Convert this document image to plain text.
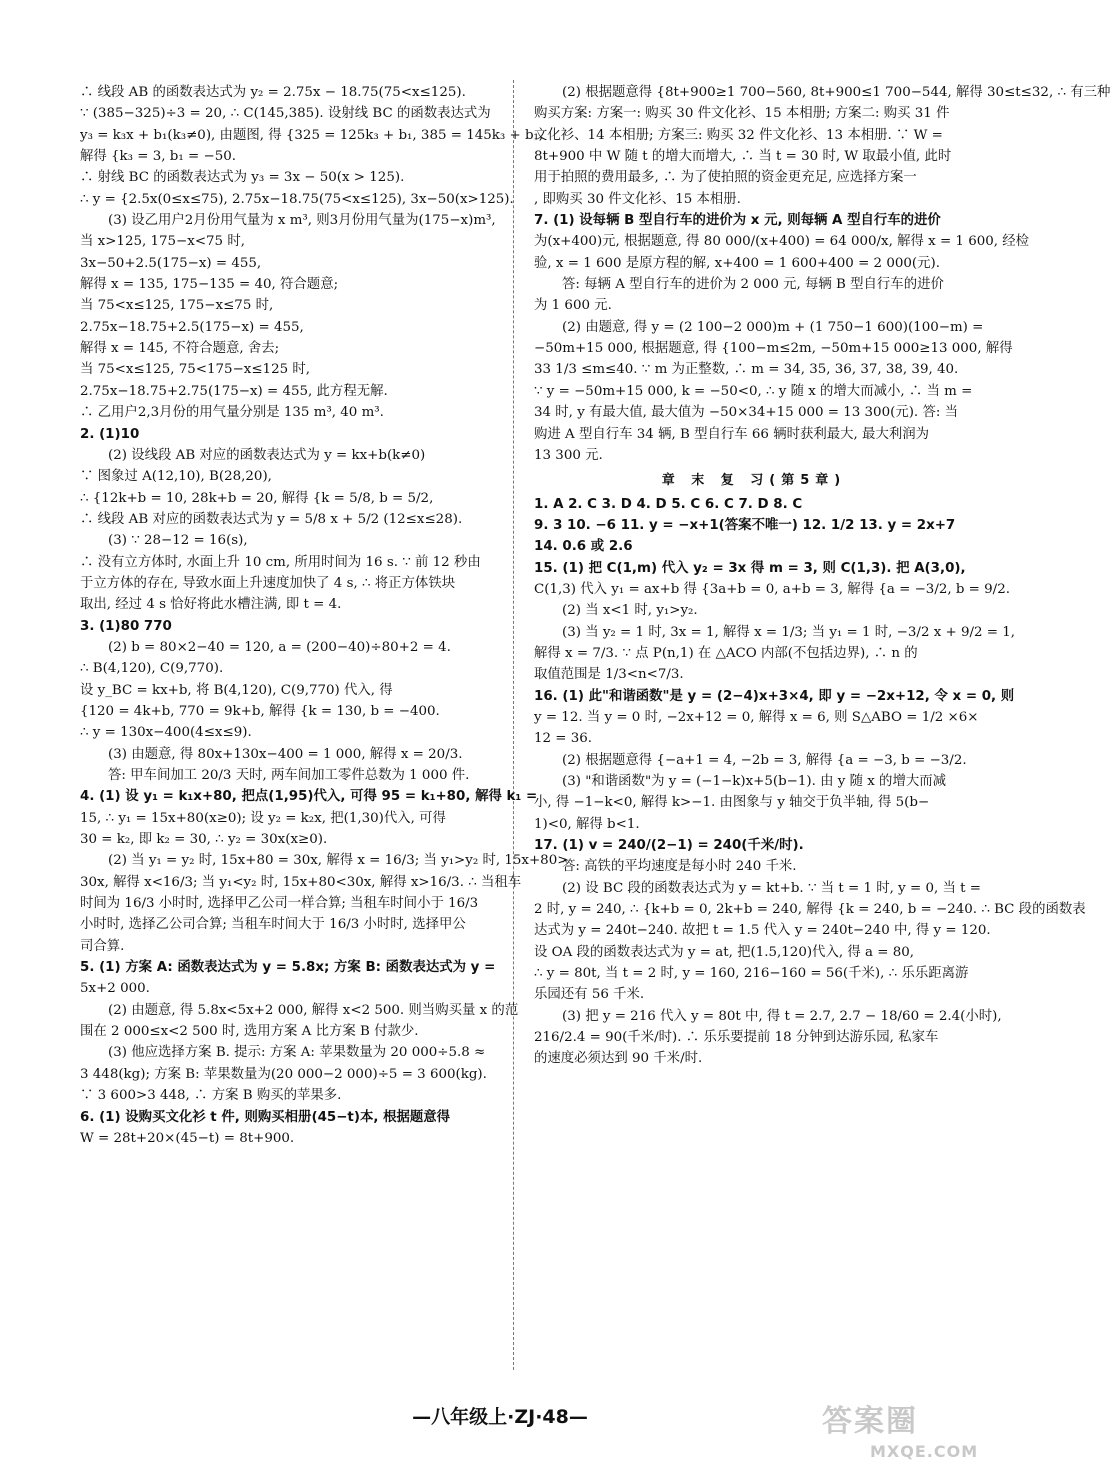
∴ 线段 AB 的函数表达式为 y₂ = 2.75x − 18.75(75<x≤125).
∵ (385−325)÷3 = 20, ∴ C(145,385). 设射线 BC 的函数表达式为
y₃ = k₃x + b₁(k₃≠0), 由题图, 得 {325 = 125k₃ + b₁, 385 = 145k₃ + b₁,
解得 {k₃ = 3, b₁ = −50.
∴ 射线 BC 的函数表达式为 y₃ = 3x − 50(x > 125).
∴ y = {2.5x(0≤x≤75), 2.75x−18.75(75<x≤125), 3x−50(x>125).
(3) 设乙用户2月份用气量为 x m³, 则3月份用气量为(175−x)m³,
当 x>125, 175−x<75 时,
3x−50+2.5(175−x) = 455,
解得 x = 135, 175−135 = 40, 符合题意;
当 75<x≤125, 175−x≤75 时,
2.75x−18.75+2.5(175−x) = 455,
解得 x = 145, 不符合题意, 舍去;
当 75<x≤125, 75<175−x≤125 时,
2.75x−18.75+2.75(175−x) = 455, 此方程无解.
∴ 乙用户2,3月份的用气量分别是 135 m³, 40 m³.
2. (1)10
(2) 设线段 AB 对应的函数表达式为 y = kx+b(k≠0)
∵ 图象过 A(12,10), B(28,20),
∴ {12k+b = 10, 28k+b = 20, 解得 {k = 5/8, b = 5/2,
∴ 线段 AB 对应的函数表达式为 y = 5/8 x + 5/2 (12≤x≤28).
(3) ∵ 28−12 = 16(s),
∴ 没有立方体时, 水面上升 10 cm, 所用时间为 16 s. ∵ 前 12 秒由
于立方体的存在, 导致水面上升速度加快了 4 s, ∴ 将正方体铁块
取出, 经过 4 s 恰好将此水槽注满, 即 t = 4.
3. (1)80 770
(2) b = 80×2−40 = 120, a = (200−40)÷80+2 = 4.
∴ B(4,120), C(9,770).
设 y_BC = kx+b, 将 B(4,120), C(9,770) 代入, 得
{120 = 4k+b, 770 = 9k+b, 解得 {k = 130, b = −400.
∴ y = 130x−400(4≤x≤9).
(3) 由题意, 得 80x+130x−400 = 1 000, 解得 x = 20/3.
答: 甲车间加工 20/3 天时, 两车间加工零件总数为 1 000 件.
4. (1) 设 y₁ = k₁x+80, 把点(1,95)代入, 可得 95 = k₁+80, 解得 k₁ =
15, ∴ y₁ = 15x+80(x≥0); 设 y₂ = k₂x, 把(1,30)代入, 可得
30 = k₂, 即 k₂ = 30, ∴ y₂ = 30x(x≥0).
(2) 当 y₁ = y₂ 时, 15x+80 = 30x, 解得 x = 16/3; 当 y₁>y₂ 时, 15x+80>
30x, 解得 x<16/3; 当 y₁<y₂ 时, 15x+80<30x, 解得 x>16/3. ∴ 当租车
时间为 16/3 小时时, 选择甲乙公司一样合算; 当租车时间小于 16/3
小时时, 选择乙公司合算; 当租车时间大于 16/3 小时时, 选择甲公
司合算.
5. (1) 方案 A: 函数表达式为 y = 5.8x; 方案 B: 函数表达式为 y =
5x+2 000.
(2) 由题意, 得 5.8x<5x+2 000, 解得 x<2 500. 则当购买量 x 的范
围在 2 000≤x<2 500 时, 选用方案 A 比方案 B 付款少.
(3) 他应选择方案 B. 提示: 方案 A: 苹果数量为 20 000÷5.8 ≈
3 448(kg); 方案 B: 苹果数量为(20 000−2 000)÷5 = 3 600(kg).
∵ 3 600>3 448, ∴ 方案 B 购买的苹果多.
6. (1) 设购买文化衫 t 件, 则购买相册(45−t)本, 根据题意得
W = 28t+20×(45−t) = 8t+900.
(2) 根据题意得 {8t+900≥1 700−560, 8t+900≤1 700−544, 解得 30≤t≤32, ∴ 有三种
购买方案: 方案一: 购买 30 件文化衫、15 本相册; 方案二: 购买 31 件
文化衫、14 本相册; 方案三: 购买 32 件文化衫、13 本相册. ∵ W =
8t+900 中 W 随 t 的增大而增大, ∴ 当 t = 30 时, W 取最小值, 此时
用于拍照的费用最多, ∴ 为了使拍照的资金更充足, 应选择方案一
, 即购买 30 件文化衫、15 本相册.
7. (1) 设每辆 B 型自行车的进价为 x 元, 则每辆 A 型自行车的进价
为(x+400)元, 根据题意, 得 80 000/(x+400) = 64 000/x, 解得 x = 1 600, 经检
验, x = 1 600 是原方程的解, x+400 = 1 600+400 = 2 000(元).
答: 每辆 A 型自行车的进价为 2 000 元, 每辆 B 型自行车的进价
为 1 600 元.
(2) 由题意, 得 y = (2 100−2 000)m + (1 750−1 600)(100−m) =
−50m+15 000, 根据题意, 得 {100−m≤2m, −50m+15 000≥13 000, 解得
33 1/3 ≤m≤40. ∵ m 为正整数, ∴ m = 34, 35, 36, 37, 38, 39, 40.
∵ y = −50m+15 000, k = −50<0, ∴ y 随 x 的增大而减小, ∴ 当 m =
34 时, y 有最大值, 最大值为 −50×34+15 000 = 13 300(元). 答: 当
购进 A 型自行车 34 辆, B 型自行车 66 辆时获利最大, 最大利润为
13 300 元.
章 末 复 习(第5章)
1. A 2. C 3. D 4. D 5. C 6. C 7. D 8. C
9. 3 10. −6 11. y = −x+1(答案不唯一) 12. 1/2 13. y = 2x+7
14. 0.6 或 2.6
15. (1) 把 C(1,m) 代入 y₂ = 3x 得 m = 3, 则 C(1,3). 把 A(3,0),
C(1,3) 代入 y₁ = ax+b 得 {3a+b = 0, a+b = 3, 解得 {a = −3/2, b = 9/2.
(2) 当 x<1 时, y₁>y₂.
(3) 当 y₂ = 1 时, 3x = 1, 解得 x = 1/3; 当 y₁ = 1 时, −3/2 x + 9/2 = 1,
解得 x = 7/3. ∵ 点 P(n,1) 在 △ACO 内部(不包括边界), ∴ n 的
取值范围是 1/3<n<7/3.
16. (1) 此"和谐函数"是 y = (2−4)x+3×4, 即 y = −2x+12, 令 x = 0, 则
y = 12. 当 y = 0 时, −2x+12 = 0, 解得 x = 6, 则 S△ABO = 1/2 ×6×
12 = 36.
(2) 根据题意得 {−a+1 = 4, −2b = 3, 解得 {a = −3, b = −3/2.
(3) "和谐函数"为 y = (−1−k)x+5(b−1). 由 y 随 x 的增大而减
小, 得 −1−k<0, 解得 k>−1. 由图象与 y 轴交于负半轴, 得 5(b−
1)<0, 解得 b<1.
17. (1) v = 240/(2−1) = 240(千米/时).
答: 高铁的平均速度是每小时 240 千米.
(2) 设 BC 段的函数表达式为 y = kt+b. ∵ 当 t = 1 时, y = 0, 当 t =
2 时, y = 240, ∴ {k+b = 0, 2k+b = 240, 解得 {k = 240, b = −240. ∴ BC 段的函数表
达式为 y = 240t−240. 故把 t = 1.5 代入 y = 240t−240 中, 得 y = 120.
设 OA 段的函数表达式为 y = at, 把(1.5,120)代入, 得 a = 80,
∴ y = 80t, 当 t = 2 时, y = 160, 216−160 = 56(千米), ∴ 乐乐距离游
乐园还有 56 千米.
(3) 把 y = 216 代入 y = 80t 中, 得 t = 2.7, 2.7 − 18/60 = 2.4(小时),
216/2.4 = 90(千米/时). ∴ 乐乐要提前 18 分钟到达游乐园, 私家车
的速度必须达到 90 千米/时.
—八年级上·ZJ·48—	答案圈
MXQE.COM
